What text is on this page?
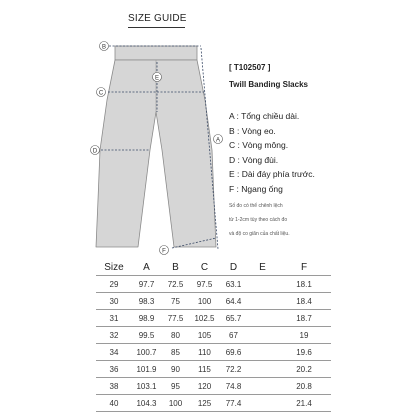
SIZE GUIDE
B
C
D
E
A
F
[ T102507 ]
Twill Banding Slacks
A : Tổng chiều dài.
B : Vòng eo.
C : Vòng mông.
D : Vòng đùi.
E : Dài đáy phía trước.
F : Ngang ống
Số đo có thể chênh lệch
từ 1-2cm tùy theo cách đo
và độ co giãn của chất liệu.
Size	A	B	C	D	E	F
29	97.7	72.5	97.5	63.1		18.1
30	98.3	75	100	64.4		18.4
31	98.9	77.5	102.5	65.7		18.7
32	99.5	80	105	67		19
34	100.7	85	110	69.6		19.6
36	101.9	90	115	72.2		20.2
38	103.1	95	120	74.8		20.8
40	104.3	100	125	77.4		21.4
